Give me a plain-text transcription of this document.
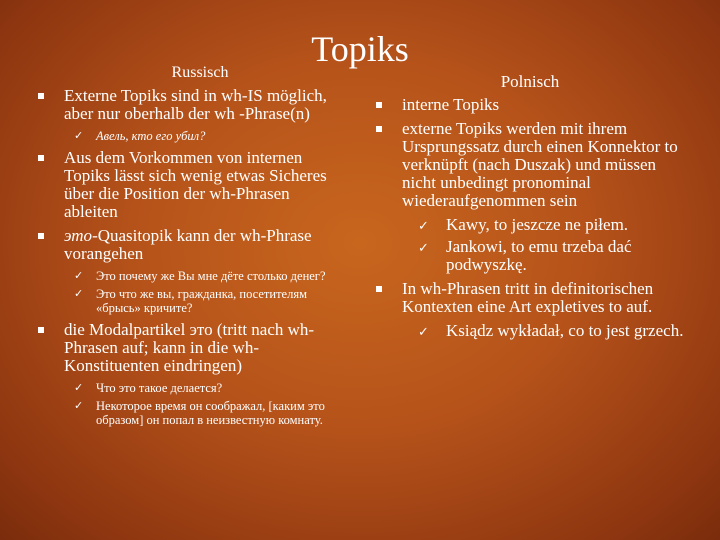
Topiks
Russisch
Externe Topiks sind in wh-IS möglich, aber nur oberhalb der wh -Phrase(n)
✓ Авель, кто его убил?
Aus dem Vorkommen von internen Topiks lässt sich wenig etwas Sicheres über die Position der wh-Phrasen ableiten
это-Quasitopik kann der wh-Phrase vorangehen
✓ Это почему же Вы мне дёте столько денег?
✓ Это что же вы, гражданка, посетителям «брысь» кричите?
die Modalpartikel это (tritt nach wh-Phrasen auf; kann in die wh-Konstituenten eindringen)
✓ Что это такое делается?
✓ Некоторое время он соображал, [каким это образом] он попал в неизвестную комнату.
Polnisch
interne Topiks
externe Topiks werden mit ihrem Ursprungssatz durch einen Konnektor to verknüpft (nach Duszak) und müssen nicht unbedingt pronominal wiederaufgenommen sein
✓ Kawy, to jeszcze ne piłem.
✓ Jankowi, to emu trzeba dać podwyszkę.
In wh-Phrasen tritt in definitorischen Kontexten eine Art expletives to auf.
✓ Ksiądz wykładał, co to jest grzech.
